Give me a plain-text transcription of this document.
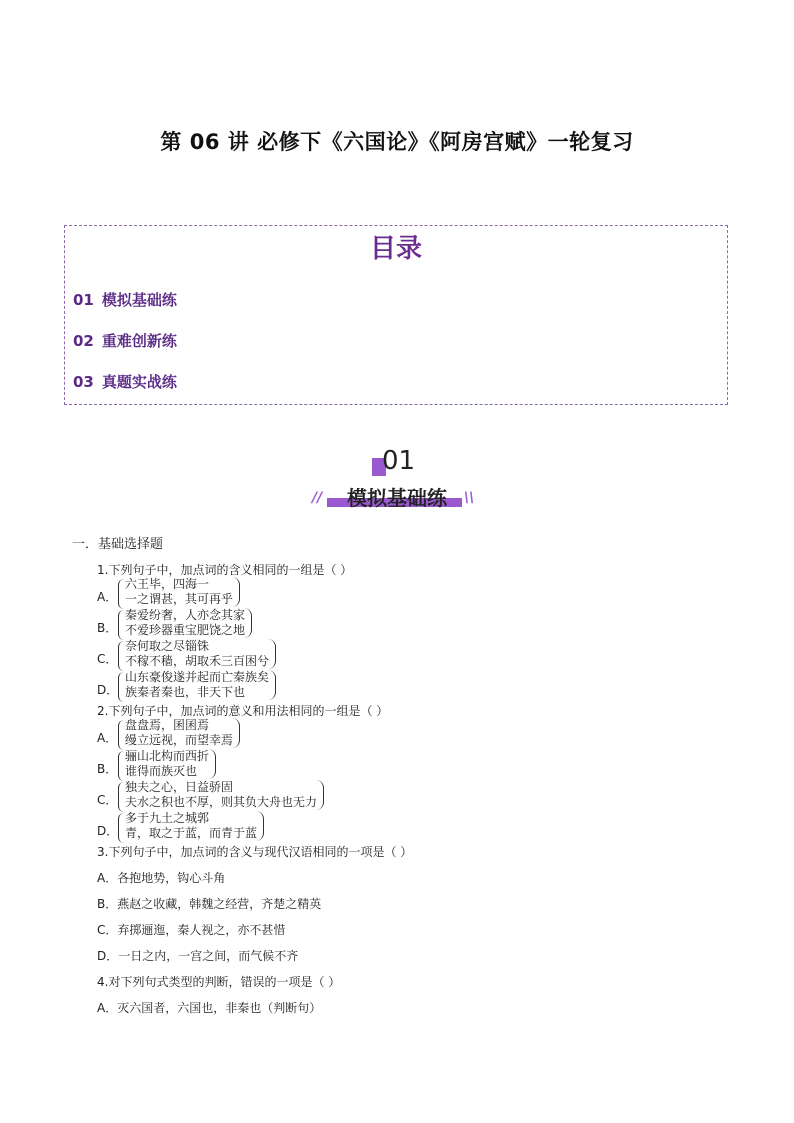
第 06 讲 必修下《六国论》《阿房宫赋》一轮复习
目录
01 模拟基础练
02 重难创新练
03 真题实战练
01
//	模拟基础练	\\
一．基础选择题
1.下列句子中，加点词的含义相同的一组是（ ）
A．
六王毕，四海一
一之谓甚，其可再乎
B．
秦爱纷奢，人亦念其家
不爱珍器重宝肥饶之地
C．
奈何取之尽锱铢
不稼不穑，胡取禾三百困兮
D．
山东豪俊遂并起而亡秦族矣
族秦者秦也，非天下也
2.下列句子中，加点词的意义和用法相同的一组是（ ）
A．
盘盘焉，囷囷焉
缦立远视，而望幸焉
B．
骊山北构而西折
谁得而族灭也
C．
独夫之心，日益骄固
夫水之积也不厚，则其负大舟也无力
D．
多于九土之城郭
青，取之于蓝，而青于蓝
3.下列句子中，加点词的含义与现代汉语相同的一项是（ ）
A．各抱地势，钩心斗角
B．燕赵之收藏，韩魏之经营，齐楚之精英
C．弃掷逦迤，秦人视之，亦不甚惜
D．一日之内，一宫之间，而气候不齐
4.对下列句式类型的判断，错误的一项是（ ）
A．灭六国者，六国也，非秦也（判断句）
